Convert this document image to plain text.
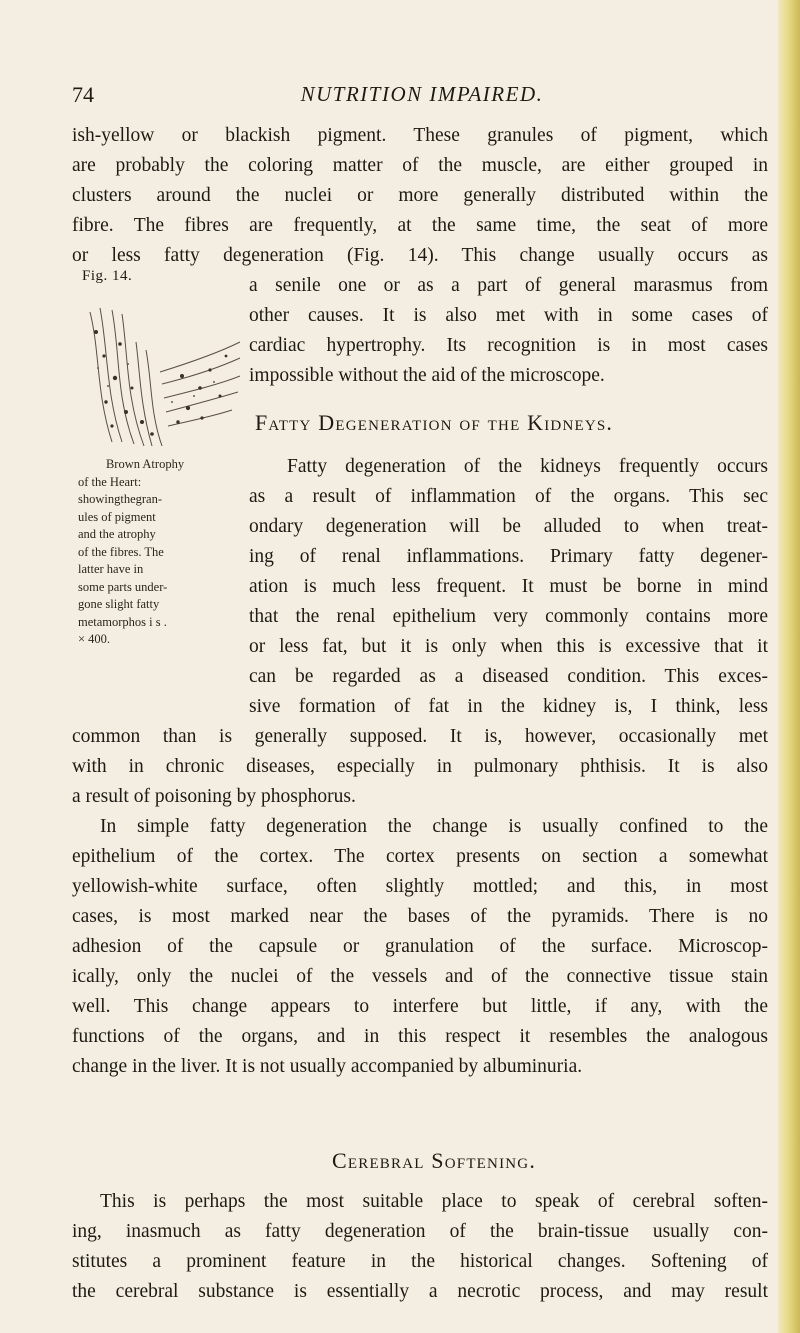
74	NUTRITION IMPAIRED.
ish-yellow or blackish pigment. These granules of pigment, which
are probably the coloring matter of the muscle, are either grouped in
clusters around the nuclei or more generally distributed within the
fibre. The fibres are frequently, at the same time, the seat of more
or less fatty degeneration (Fig. 14). This change usually occurs as
a senile one or as a part of general marasmus from
other causes. It is also met with in some cases of
cardiac hypertrophy. Its recognition is in most cases
impossible without the aid of the microscope.
Fig. 14.
Brown Atrophy
of the Heart:
showingthegran-
ules of pigment
and the atrophy
of the fibres. The
latter have in
some parts under-
gone slight fatty
metamorphos i s .
× 400.
Fatty Degeneration of the Kidneys.
Fatty degeneration of the kidneys frequently occurs
as a result of inflammation of the organs. This sec
ondary degeneration will be alluded to when treat-
ing of renal inflammations. Primary fatty degener-
ation is much less frequent. It must be borne in mind
that the renal epithelium very commonly contains more
or less fat, but it is only when this is excessive that it
can be regarded as a diseased condition. This exces-
sive formation of fat in the kidney is, I think, less
common than is generally supposed. It is, however, occasionally met
with in chronic diseases, especially in pulmonary phthisis. It is also
a result of poisoning by phosphorus.
In simple fatty degeneration the change is usually confined to the
epithelium of the cortex. The cortex presents on section a somewhat
yellowish-white surface, often slightly mottled; and this, in most
cases, is most marked near the bases of the pyramids. There is no
adhesion of the capsule or granulation of the surface. Microscop-
ically, only the nuclei of the vessels and of the connective tissue stain
well. This change appears to interfere but little, if any, with the
functions of the organs, and in this respect it resembles the analogous
change in the liver. It is not usually accompanied by albuminuria.
Cerebral Softening.
This is perhaps the most suitable place to speak of cerebral soften-
ing, inasmuch as fatty degeneration of the brain-tissue usually con-
stitutes a prominent feature in the historical changes. Softening of
the cerebral substance is essentially a necrotic process, and may result
